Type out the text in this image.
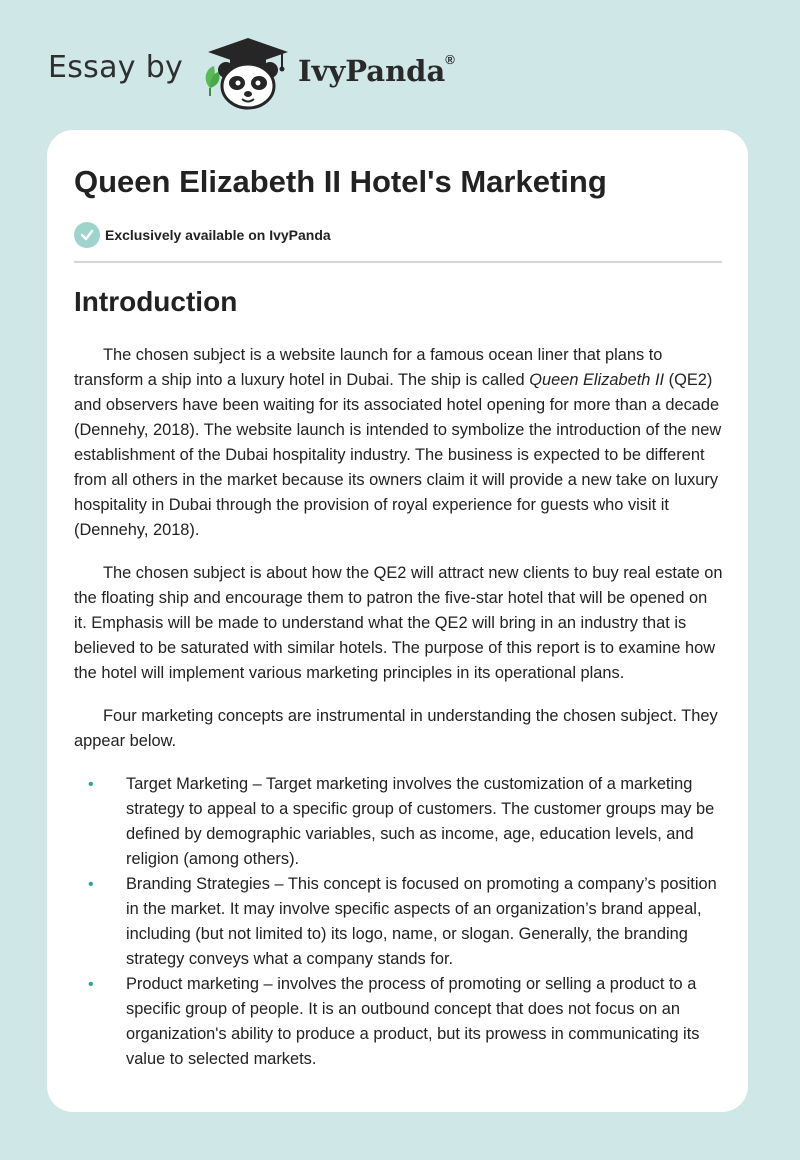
Essay by	IvyPanda®
Queen Elizabeth II Hotel's Marketing
Exclusively available on IvyPanda
Introduction

The chosen subject is a website launch for a famous ocean liner that plans to transform a ship into a luxury hotel in Dubai. The ship is called Queen Elizabeth II (QE2) and observers have been waiting for its associated hotel opening for more than a decade (Dennehy, 2018). The website launch is intended to symbolize the introduction of the new establishment of the Dubai hospitality industry. The business is expected to be different from all others in the market because its owners claim it will provide a new take on luxury hospitality in Dubai through the provision of royal experience for guests who visit it (Dennehy, 2018).

The chosen subject is about how the QE2 will attract new clients to buy real estate on the floating ship and encourage them to patron the five-star hotel that will be opened on it. Emphasis will be made to understand what the QE2 will bring in an industry that is believed to be saturated with similar hotels. The purpose of this report is to examine how the hotel will implement various marketing principles in its operational plans.

Four marketing concepts are instrumental in understanding the chosen subject. They appear below.

• Target Marketing – Target marketing involves the customization of a marketing strategy to appeal to a specific group of customers. The customer groups may be defined by demographic variables, such as income, age, education levels, and religion (among others).
• Branding Strategies – This concept is focused on promoting a company’s position in the market. It may involve specific aspects of an organization’s brand appeal, including (but not limited to) its logo, name, or slogan. Generally, the branding strategy conveys what a company stands for.
• Product marketing – involves the process of promoting or selling a product to a specific group of people. It is an outbound concept that does not focus on an organization's ability to produce a product, but its prowess in communicating its value to selected markets.
